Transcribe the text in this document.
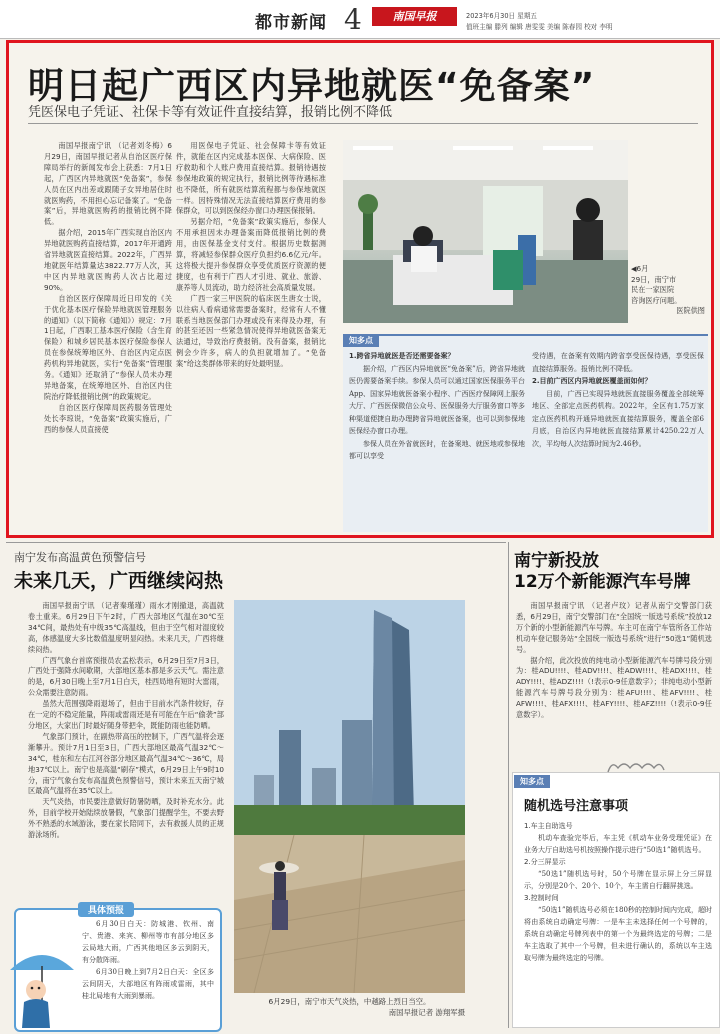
都市新闻 4	南国早报	2023年6月30日 星期五
值班主编 滕列 编辑 唐雯雯 美编 陈春园 校对 李明
明日起广西区内异地就医“免备案”
凭医保电子凭证、社保卡等有效证件直接结算，报销比例不降低

南国早报南宁讯 （记者刘冬梅）6月29日，南国早报记者从自治区医疗保障局举行的新闻发布会上获悉：7月1日起，广西区内异地就医“免备案”，参保人员在区内出差或跟随子女异地居住时就医购药，不用担心忘记备案了。“免备案”后，异地就医购药的报销比例不降低。

据介绍，2015年广西实现自治区内异地就医购药直接结算，2017年开通跨省异地就医直接结算。2022年，广西异地就医年结算量达3822.77万人次，其中区内异地就医购药人次占比超过90%。

自治区医疗保障局近日印发的《关于优化基本医疗保险异地就医管理服务的通知》（以下简称《通知》）规定：7月1日起，广西职工基本医疗保险（含生育保险）和城乡居民基本医疗保险参保人员在参保统筹地区外、自治区内定点医药机构异地就医，实行“免备案”管理服务。《通知》还取消了“参保人员未办理异地备案，在统筹地区外、自治区内住院治疗降低报销比例”的政策规定。

自治区医疗保障局医药服务管理处处长李琼说，“免备案”政策实施后，广西的参保人员直接使

用医保电子凭证、社会保障卡等有效证件，就能在区内完成基本医保、大病保险、医疗救助和个人账户费用直接结算。报销待遇按参保地政策的规定执行，报销比例等待遇标准也不降低，所有就医结算流程都与参保地就医一样。因特殊情况无法直接结算医疗费用的参保群众，可以到医保经办窗口办理医保报销。

另据介绍，“免备案”政策实施后，参保人不用承担因未办理备案而降低报销比例的费用，由医保基金支付支付。根据历史数据测算，将减轻参保群众医疗负担约6.6亿元/年。这将极大提升参保群众享受优质医疗资源的便捷度，也有利于广西人才引进、就业、旅游、康养等人员流动，助力经济社会高质量发展。

广西一家三甲医院的临床医生唐女士说，以往病人看病通常需要备案时，经常有人不懂联系当地医保部门办理或没有来得及办理，有的甚至还因一些紧急情况使得异地就医备案无法通过，导致治疗费报销。没有备案，报销比例会少许多，病人的负担就增加了。“免备案”给这类群体带来的好处最明显。

◀6月
29日，南宁市
民在一家医院
咨询医疗问题。
医院供图
知多点

1.跨省异地就医是否还需要备案？

据介绍，广西区内异地就医“免备案”后，跨省异地就医仍需要备案手续。参保人员可以通过国家医保服务平台App、国家异地就医备案小程序、广西医疗保障网上服务大厅、广西医保微信公众号、医保服务大厅服务窗口等多种渠道便捷自助办理跨省异地就医备案，也可以到参保地医保经办窗口办理。

参保人员在外省就医时，在备案地、就医地或参保地都可以享受

受待遇，在备案有效期内跨省享受医保待遇，享受医保直接结算服务。报销比例不降低。

2.目前广西区内异地就医覆盖面如何？

目前，广西已实现异地就医直接服务覆盖全部统筹地区、全部定点医药机构。2022年，全区有1.75万家定点医药机构开通异地就医直接结算服务，覆盖全部6月底，自治区内异地就医直接结算累计4250.22万人次，平均每人次结算时间为2.46秒。

南宁发布高温黄色预警信号
未来几天，广西继续闷热

南国早报南宁讯 （记者秦瑾瑾）雨水才刚撤退，高温就卷土重来。6月29日下午2时，广西大部地区气温在30℃至34℃间，最热处有中级35℃高温线，但由于空气相对湿度较高，体感温度大多比数值温度明显闷热。未来几天，广西将继续闷热。

广西气象台首席预报员农孟松表示，6月29日至7月3日，广西处于强降水间歇期，大部地区基本都是多云天气。需注意的是，6月30日晚上至7月1日白天，桂西局地有短时大雷雨，公众需要注意防雨。

虽然大范围强降雨退场了，但由于目前水汽条件较好，存在一定的不稳定能量，阵雨或雷雨还是有可能在午后“偷袭”部分地区，大家出门时最好随身带把伞，既能防雨也能防晒。

气象部门预计，在副热带高压的控制下，广西气温将会逐渐攀升。预计7月1日至3日，广西大部地区最高气温32℃～34℃，桂东和左右江河谷部分地区最高气温34℃～36℃，局地37℃以上。南宁也是高温“刷存”模式，6月29日上午9时10分，南宁气象台发布高温黄色预警信号，预计未来五天南宁城区最高气温将在35℃以上。

天气炎热，市民要注意做好防暑防晒，及时补充水分。此外，目前学校开始陆续放暑假，气象部门提醒学生，不要去野外不熟悉的水域游泳，要在家长陪同下，去有救援人员的正规游泳场所。

具体预报

6月30日白天：防城港、钦州、南宁、贵港、来宾、柳州等市有部分地区多云局地大雨，广西其他地区多云到阴天，有分散阵雨。

6月30日晚上到7月2日白天：全区多云间阴天，大部地区有阵雨或雷雨，其中桂北局地有大雨到暴雨。

6月29日，南宁市天气炎热，中越路上烈日当空。
南国早报记者 游翔军摄
南宁新投放
12万个新能源汽车号牌

南国早报南宁讯 （记者卢玟）记者从南宁交警部门获悉，6月29日，南宁交警部门在“全国统一版选号系统”投放12万个新的小型新能源汽车号牌。车主可在南宁车管所各工作站机动车登记服务站“全国统一版选号系统”进行“50选1”随机选号。

据介绍，此次投放的纯电动小型新能源汽车号牌号段分别为：桂ADU!!!!、桂ADV!!!!、桂ADW!!!!、桂ADX!!!!、桂ADY!!!!、桂ADZ!!!!（!表示0-9任意数字）；非纯电动小型新能源汽车号牌号段分别为：桂AFU!!!!、桂AFV!!!!、桂AFW!!!!、桂AFX!!!!、桂AFY!!!!、桂AFZ!!!!（!表示0-9任意数字）。

知多点
随机选号注意事项

1.车主自助选号

机动车查验完毕后，车主凭《机动车业务受理凭证》在业务大厅自助选号机按照操作提示进行“50选1”随机选号。

2.分三屏显示

“50选1”随机选号时，50个号牌在显示屏上分三屏显示，分别是20个、20个、10个，车主需自行翻屏挑选。

3.控制时间

“50选1”随机选号必须在180秒的控制时间内完成，超时将由系统自动确定号牌：一是车主未选择任何一个号牌的，系统自动确定号牌列表中的第一个为最终选定的号牌；二是车主选取了其中一个号牌，但未进行确认的，系统以车主选取号牌为最终选定的号牌。
